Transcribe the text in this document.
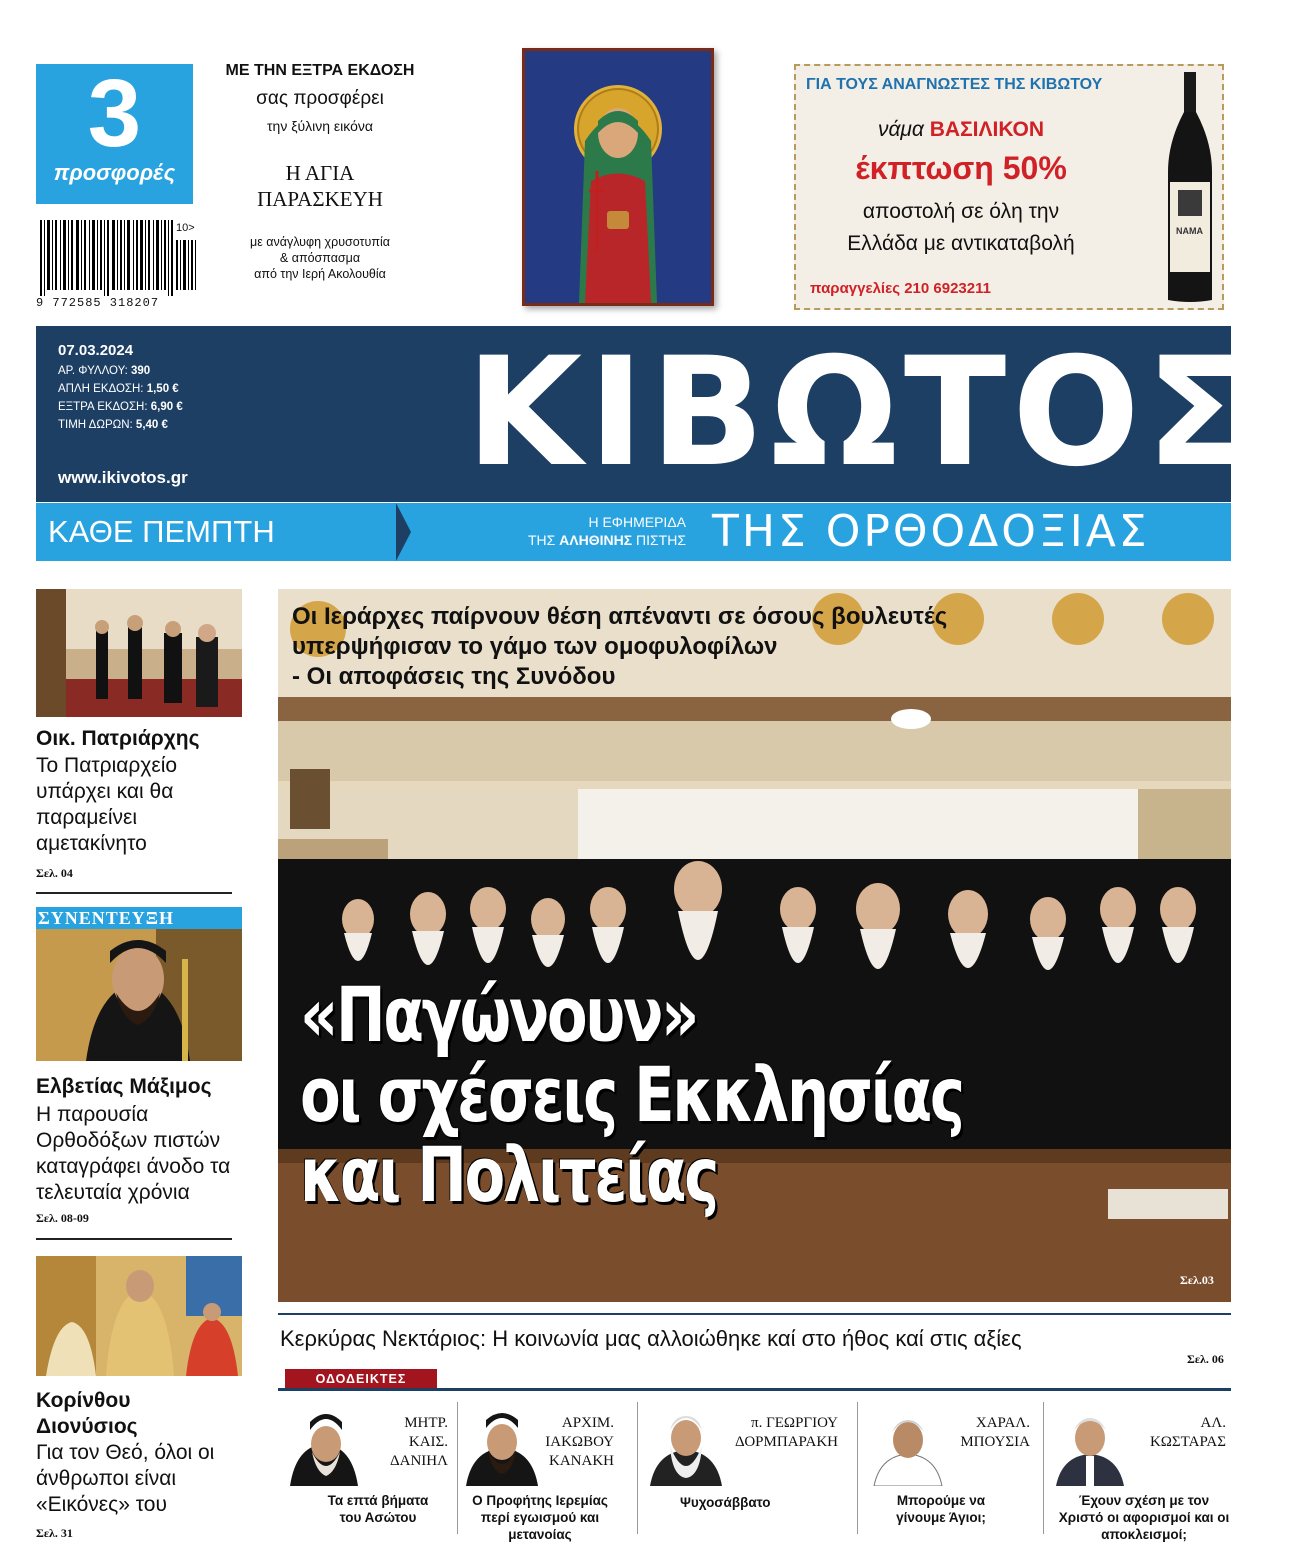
3
προσφορές
9 772585 318207
10>
ΜΕ ΤΗΝ ΕΞΤΡΑ ΕΚΔΟΣΗ
σας προσφέρει
την ξύλινη εικόνα
Η ΑΓΙΑ
ΠΑΡΑΣΚΕΥΗ
με ανάγλυφη χρυσοτυπία
& απόσπασμα
από την Ιερή Ακολουθία
ΓΙΑ ΤΟΥΣ ΑΝΑΓΝΩΣΤΕΣ ΤΗΣ ΚΙΒΩΤΟΥ
νάμα ΒΑΣΙΛΙΚΟΝ
έκπτωση 50%
αποστολή σε όλη την
Ελλάδα με αντικαταβολή
παραγγελίες 210 6923211
ΝΑΜΑ
07.03.2024
ΑΡ. ΦΥΛΛΟΥ: 390
ΑΠΛΗ ΕΚΔΟΣΗ: 1,50 €
ΕΞΤΡΑ ΕΚΔΟΣΗ: 6,90 €
ΤΙΜΗ ΔΩΡΩΝ: 5,40 €
www.ikivotos.gr ΚΙΒΩΤΟΣ
ΚΑΘΕ ΠΕΜΠΤΗ	Η ΕΦΗΜΕΡΙΔΑ
ΤΗΣ ΑΛΗΘΙΝΗΣ ΠΙΣΤΗΣ ΤΗΣ ΟΡΘΟΔΟΞΙΑΣ
Οικ. Πατριάρχης
Το Πατριαρχείο υπάρχει και θα παραμείνει αμετακίνητο
Σελ. 04
ΣΥΝΕΝΤΕΥΞΗ
Ελβετίας Μάξιμος
Η παρουσία Ορθοδόξων πιστών καταγράφει άνοδο τα τελευταία χρόνια
Σελ. 08-09
Κορίνθου
Διονύσιος
Για τον Θεό, όλοι οι άνθρωποι είναι «Εικόνες» του
Σελ. 31
Οι Ιεράρχες παίρνουν θέση απέναντι σε όσους βουλευτές
υπερψήφισαν το γάμο των ομοφυλοφίλων
- Οι αποφάσεις της Συνόδου
«Παγώνουν»
οι σχέσεις Εκκλησίας
και Πολιτείας
Σελ.03
Κερκύρας Νεκτάριος: Η κοινωνία μας αλλοιώθηκε καί στο ήθος καί στις αξίες
Σελ. 06
ΟΔΟΔΕΙΚΤΕΣ
ΜΗΤΡ.
ΚΑΙΣ.
ΔΑΝΙΗΛ
Τα επτά βήματα του Ασώτου
ΑΡΧΙΜ.
ΙΑΚΩΒΟΥ
ΚΑΝΑΚΗ
Ο Προφήτης Ιερεμίας περί εγωισμού και μετανοίας
π. ΓΕΩΡΓΙΟΥ
ΔΟΡΜΠΑΡΑΚΗ
Ψυχοσάββατο
ΧΑΡΑΛ.
ΜΠΟΥΣΙΑ
Μπορούμε να γίνουμε Άγιοι;
ΑΛ.
ΚΩΣΤΑΡΑΣ
Έχουν σχέση με τον Χριστό οι αφορισμοί και οι αποκλεισμοί;
